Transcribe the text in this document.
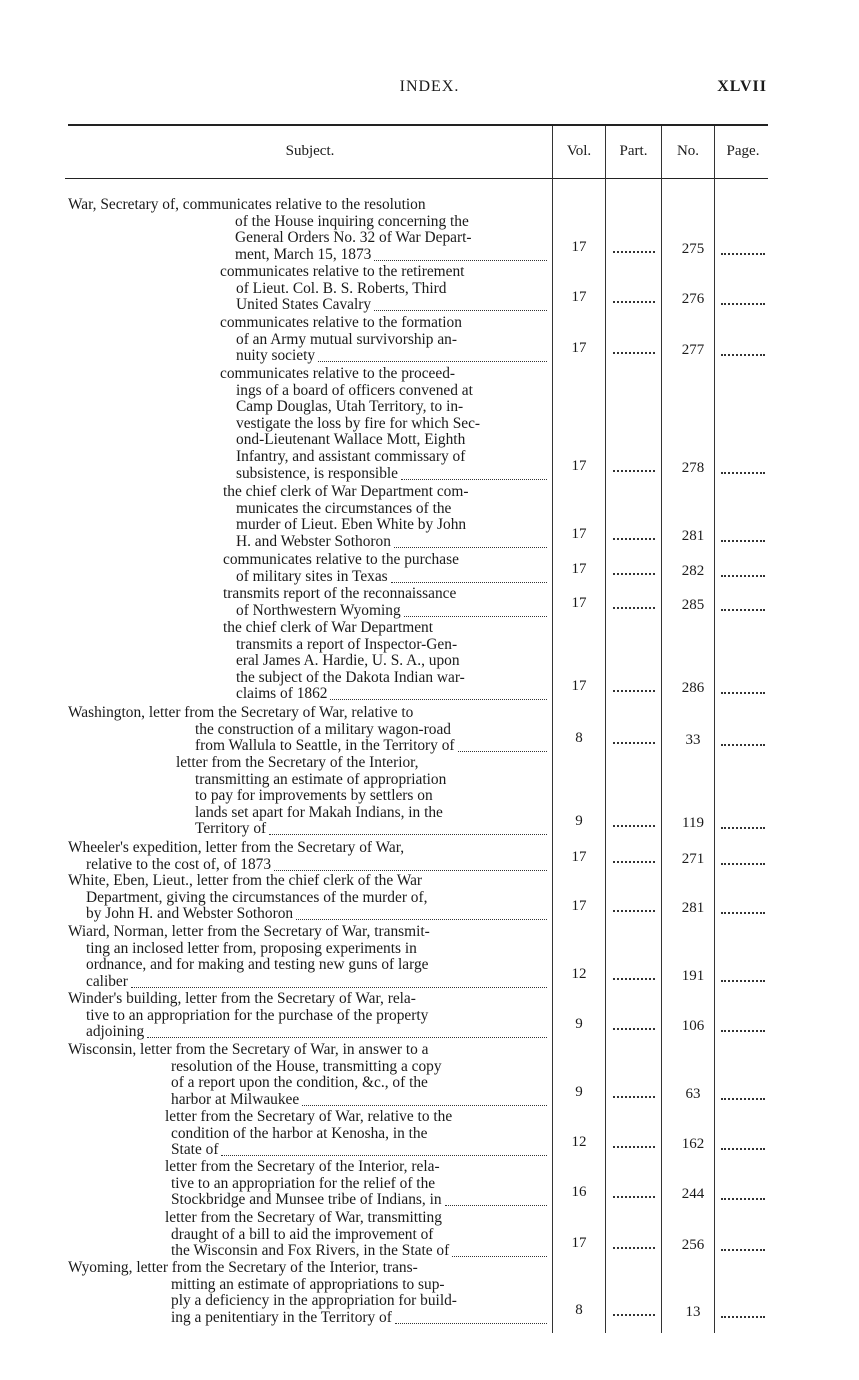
INDEX.	XLVII
Subject.	Vol.	Part.	No.	Page.
War, Secretary of, communicates relative to the resolution
of the House inquiring concerning the
General Orders No. 32 of War Depart-
ment, March 15, 1873	17	275
communicates relative to the retirement
of Lieut. Col. B. S. Roberts, Third
United States Cavalry	17	276
communicates relative to the formation
of an Army mutual survivorship an-
nuity society	17	277
communicates relative to the proceed-
ings of a board of officers convened at
Camp Douglas, Utah Territory, to in-
vestigate the loss by fire for which Sec-
ond-Lieutenant Wallace Mott, Eighth
Infantry, and assistant commissary of
subsistence, is responsible	17	278
the chief clerk of War Department com-
municates the circumstances of the
murder of Lieut. Eben White by John
H. and Webster Sothoron	17	281
communicates relative to the purchase
of military sites in Texas	17	282
transmits report of the reconnaissance
of Northwestern Wyoming	17	285
the chief clerk of War Department
transmits a report of Inspector-Gen-
eral James A. Hardie, U. S. A., upon
the subject of the Dakota Indian war-
claims of 1862	17	286
Washington, letter from the Secretary of War, relative to
the construction of a military wagon-road
from Wallula to Seattle, in the Territory of	8	33
letter from the Secretary of the Interior,
transmitting an estimate of appropriation
to pay for improvements by settlers on
lands set apart for Makah Indians, in the
Territory of	9	119
Wheeler's expedition, letter from the Secretary of War,
relative to the cost of, of 1873	17	271
White, Eben, Lieut., letter from the chief clerk of the War
Department, giving the circumstances of the murder of,
by John H. and Webster Sothoron	17	281
Wiard, Norman, letter from the Secretary of War, transmit-
ting an inclosed letter from, proposing experiments in
ordnance, and for making and testing new guns of large
caliber	12	191
Winder's building, letter from the Secretary of War, rela-
tive to an appropriation for the purchase of the property
adjoining	9	106
Wisconsin, letter from the Secretary of War, in answer to a
resolution of the House, transmitting a copy
of a report upon the condition, &c., of the
harbor at Milwaukee	9	63
letter from the Secretary of War, relative to the
condition of the harbor at Kenosha, in the
State of	12	162
letter from the Secretary of the Interior, rela-
tive to an appropriation for the relief of the
Stockbridge and Munsee tribe of Indians, in	16	244
letter from the Secretary of War, transmitting
draught of a bill to aid the improvement of
the Wisconsin and Fox Rivers, in the State of	17	256
Wyoming, letter from the Secretary of the Interior, trans-
mitting an estimate of appropriations to sup-
ply a deficiency in the appropriation for build-
ing a penitentiary in the Territory of	8	13
